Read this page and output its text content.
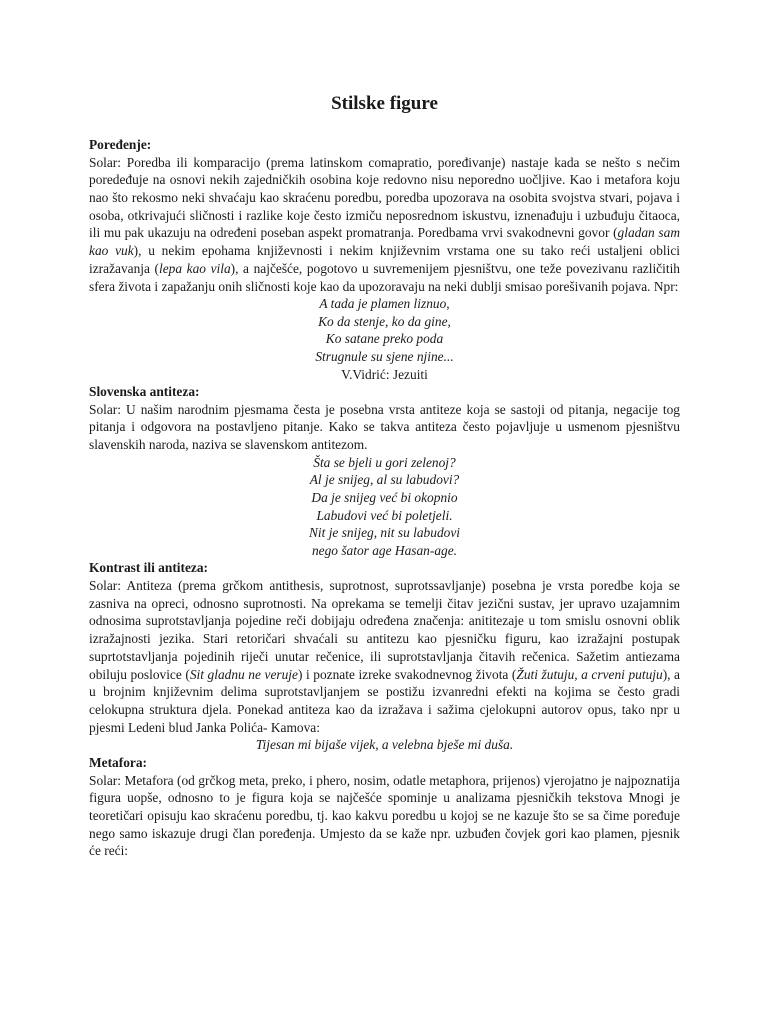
Stilske figure
Poređenje:

Solar: Poredba ili komparacijo (prema latinskom comapratio, poređivanje) nastaje kada se nešto s nečim poredeđuje na osnovi nekih zajedničkih osobina koje redovno nisu neporedno uočljive. Kao i metafora koju nao što rekosmo neki shvaćaju kao skraćenu poredbu, poredba upozorava na osobita svojstva stvari, pojava i osoba, otkrivajući sličnosti i razlike koje često izmiču neposrednom iskustvu, iznenađuju i uzbuđuju čitaoca, ili mu pak ukazuju na određeni poseban aspekt promatranja. Poredbama vrvi svakodnevni govor (gladan sam kao vuk), u nekim epohama književnosti i nekim književnim vrstama one su tako reći ustaljeni oblici izražavanja (lepa kao vila), a najčešće, pogotovo u suvremenijem pjesništvu, one teže povezivanu različitih sfera života i zapažanju onih sličnosti koje kao da upozoravaju na neki dublji smisao porešivanih pojava. Npr:

A tada je plamen liznuo,
Ko da stenje, ko da gine,
Ko satane preko poda
Strugnule su sjene njine...
V.Vidrić: Jezuiti
Slovenska antiteza:

Solar: U našim narodnim pjesmama česta je posebna vrsta antiteze koja se sastoji od pitanja, negacije tog pitanja i odgovora na postavljeno pitanje. Kako se takva antiteza često pojavljuje u usmenom pjesništvu slavenskih naroda, naziva se slavenskom antitezom.

Šta se bjeli u gori zelenoj?
Al je snijeg, al su labudovi?
Da je snijeg već bi okopnio
Labudovi već bi poletjeli.
Nit je snijeg, nit su labudovi
nego šator age Hasan-age.
Kontrast ili antiteza:

Solar: Antiteza (prema grčkom antithesis, suprotnost, suprotssavljanje) posebna je vrsta poredbe koja se zasniva na opreci, odnosno suprotnosti. Na oprekama se temelji čitav jezični sustav, jer upravo uzajamnim odnosima suprotstavljanja pojedine reči dobijaju određena značenja: anititezaje u tom smislu osnovni oblik izražajnosti jezika. Stari retoričari shvaćali su antitezu kao pjesničku figuru, kao izražajni postupak suprtotstavljanja pojedinih riječi unutar rečenice, ili suprotstavljanja čitavih rečenica. Sažetim antiezama obiluju poslovice (Sit gladnu ne veruje) i poznate izreke svakodnevnog života (Žuti žutuju, a crveni putuju), a u brojnim književnim delima suprotstavljanjem se postižu izvanredni efekti na kojima se često gradi celokupna struktura djela. Ponekad antiteza kao da izražava i sažima cjelokupni autorov opus, tako npr u pjesmi Ledeni blud Janka Polića- Kamova:

Tijesan mi bijaše vijek, a velebna bješe mi duša.
Metafora:

Solar: Metafora (od grčkog meta, preko, i phero, nosim, odatle metaphora, prijenos) vjerojatno je najpoznatija figura uopše, odnosno to je figura koja se najčešće spominje u analizama pjesničkih tekstova Mnogi je teoretičari opisuju kao skraćenu poredbu, tj. kao kakvu poredbu u kojoj se ne kazuje što se sa čime poređuje nego samo iskazuje drugi član poređenja. Umjesto da se kaže npr. uzbuđen čovjek gori kao plamen, pjesnik će reći:
